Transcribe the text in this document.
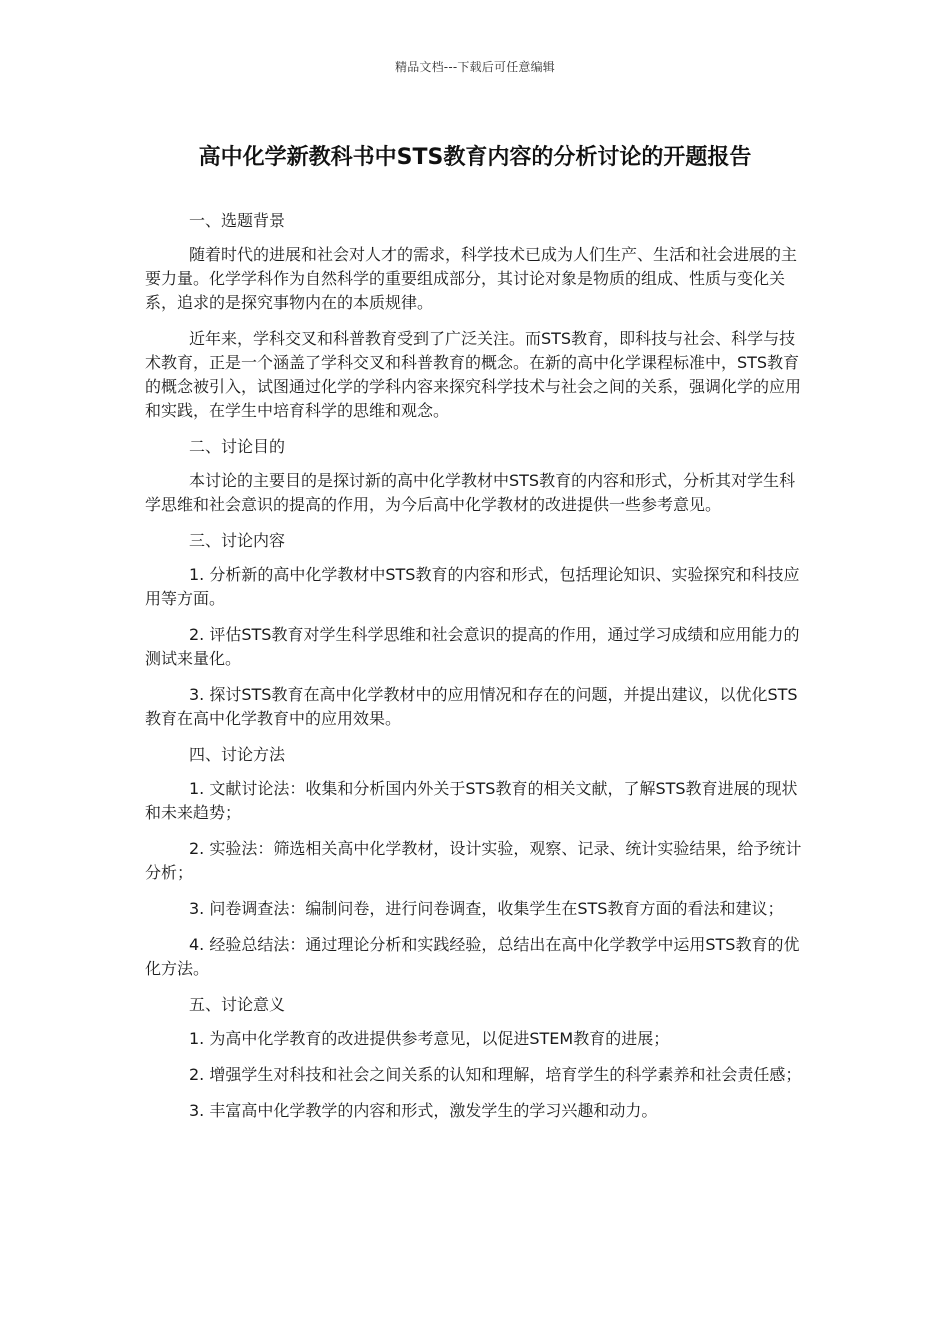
精品文档---下载后可任意编辑
高中化学新教科书中STS教育内容的分析讨论的开题报告

一、选题背景

随着时代的进展和社会对人才的需求，科学技术已成为人们生产、生活和社会进展的主要力量。化学学科作为自然科学的重要组成部分，其讨论对象是物质的组成、性质与变化关系，追求的是探究事物内在的本质规律。

近年来，学科交叉和科普教育受到了广泛关注。而STS教育，即科技与社会、科学与技术教育，正是一个涵盖了学科交叉和科普教育的概念。在新的高中化学课程标准中，STS教育的概念被引入，试图通过化学的学科内容来探究科学技术与社会之间的关系，强调化学的应用和实践，在学生中培育科学的思维和观念。

二、讨论目的

本讨论的主要目的是探讨新的高中化学教材中STS教育的内容和形式，分析其对学生科学思维和社会意识的提高的作用，为今后高中化学教材的改进提供一些参考意见。

三、讨论内容

1. 分析新的高中化学教材中STS教育的内容和形式，包括理论知识、实验探究和科技应用等方面。

2. 评估STS教育对学生科学思维和社会意识的提高的作用，通过学习成绩和应用能力的测试来量化。

3. 探讨STS教育在高中化学教材中的应用情况和存在的问题，并提出建议，以优化STS教育在高中化学教育中的应用效果。

四、讨论方法

1. 文献讨论法：收集和分析国内外关于STS教育的相关文献，了解STS教育进展的现状和未来趋势；

2. 实验法：筛选相关高中化学教材，设计实验，观察、记录、统计实验结果，给予统计分析；

3. 问卷调查法：编制问卷，进行问卷调查，收集学生在STS教育方面的看法和建议；

4. 经验总结法：通过理论分析和实践经验，总结出在高中化学教学中运用STS教育的优化方法。

五、讨论意义

1. 为高中化学教育的改进提供参考意见，以促进STEM教育的进展；

2. 增强学生对科技和社会之间关系的认知和理解，培育学生的科学素养和社会责任感；

3. 丰富高中化学教学的内容和形式，激发学生的学习兴趣和动力。
